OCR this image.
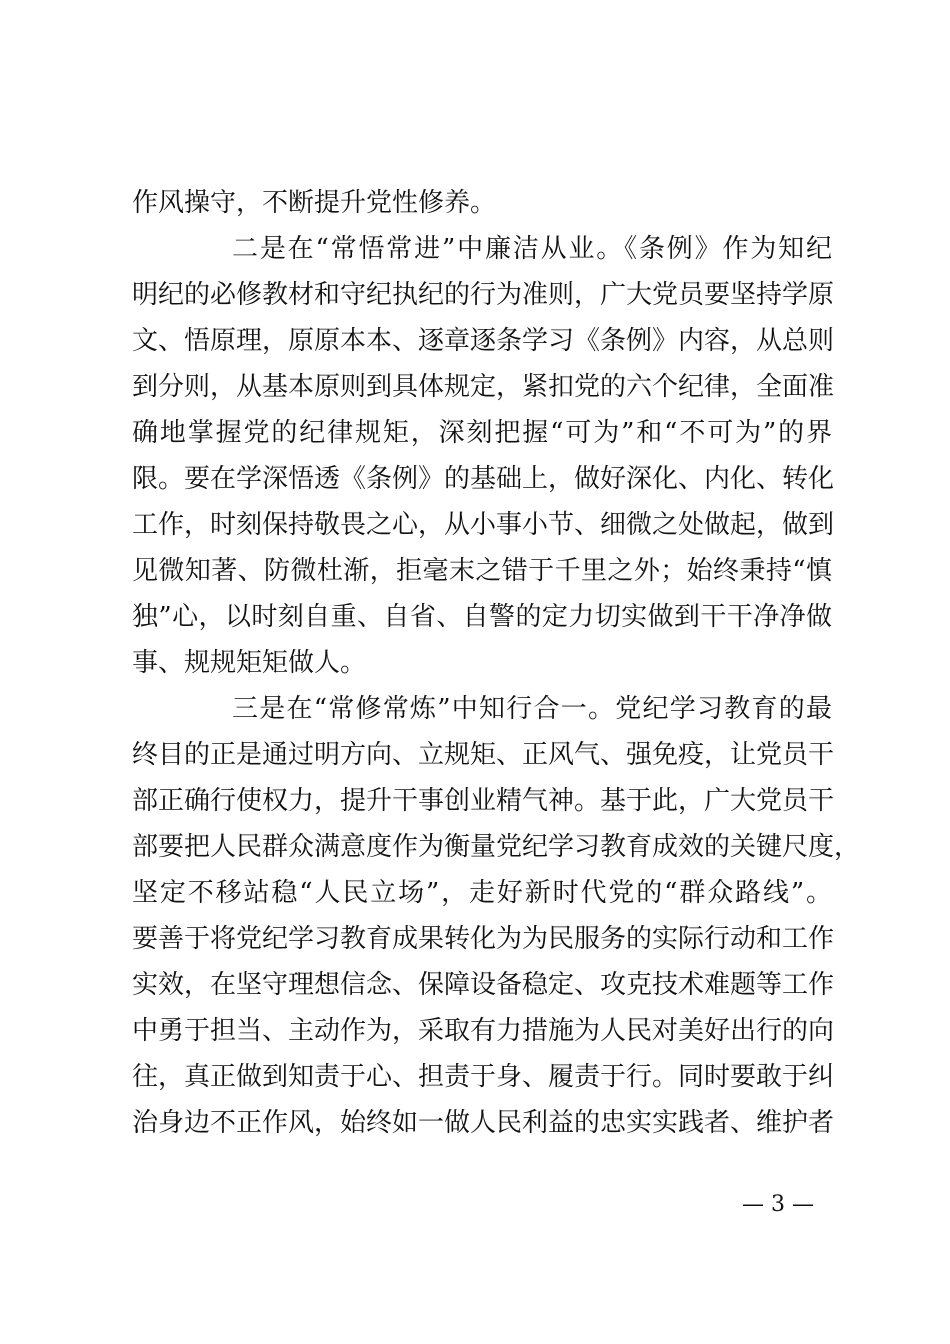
作风操守，不断提升党性修养。
二是在“常悟常进”中廉洁从业。《条例》作为知纪
明纪的必修教材和守纪执纪的行为准则，广大党员要坚持学原
文、悟原理，原原本本、逐章逐条学习《条例》内容，从总则
到分则，从基本原则到具体规定，紧扣党的六个纪律，全面准
确地掌握党的纪律规矩，深刻把握“可为”和“不可为”的界
限。要在学深悟透《条例》的基础上，做好深化、内化、转化
工作，时刻保持敬畏之心，从小事小节、细微之处做起，做到
见微知著、防微杜渐，拒毫末之错于千里之外；始终秉持“慎
独”心，以时刻自重、自省、自警的定力切实做到干干净净做
事、规规矩矩做人。
三是在“常修常炼”中知行合一。党纪学习教育的最
终目的正是通过明方向、立规矩、正风气、强免疫，让党员干
部正确行使权力，提升干事创业精气神。基于此，广大党员干
部要把人民群众满意度作为衡量党纪学习教育成效的关键尺度，
坚定不移站稳“人民立场”，走好新时代党的“群众路线”。
要善于将党纪学习教育成果转化为为民服务的实际行动和工作
实效，在坚守理想信念、保障设备稳定、攻克技术难题等工作
中勇于担当、主动作为，采取有力措施为人民对美好出行的向
往，真正做到知责于心、担责于身、履责于行。同时要敢于纠
治身边不正作风，始终如一做人民利益的忠实实践者、维护者
— 3 —
